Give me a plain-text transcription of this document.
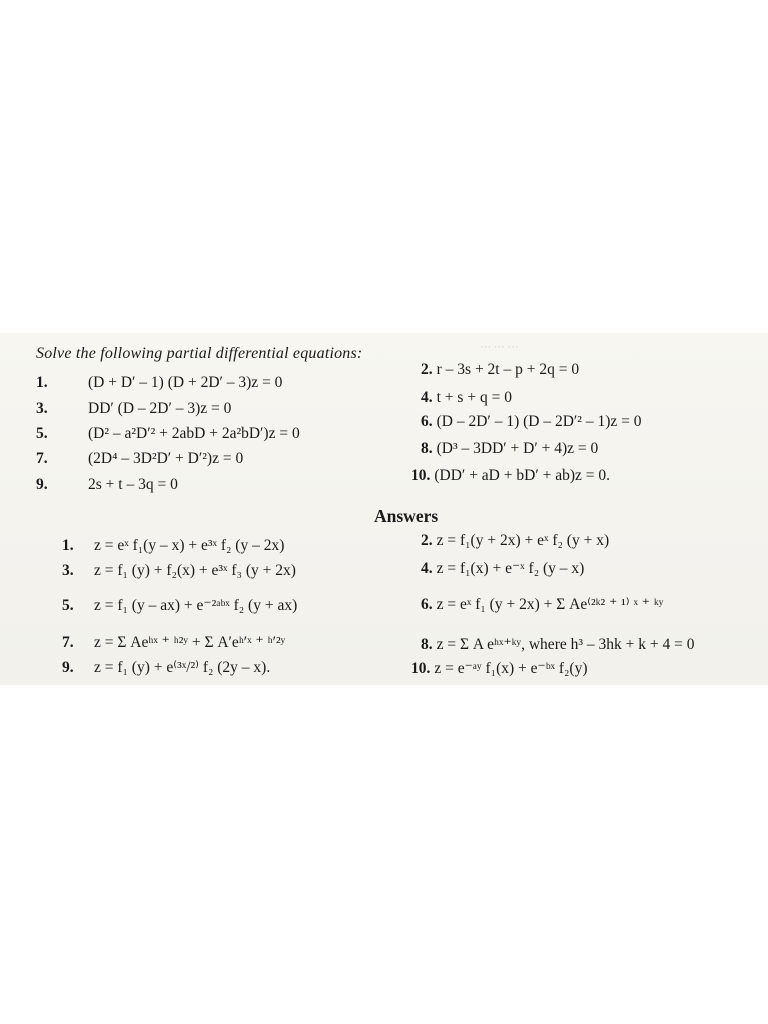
⋯ ⋯ ⋯
Solve the following partial differential equations:
1.	(D + D′ – 1) (D + 2D′ – 3)z = 0
3.	DD′ (D – 2D′ – 3)z = 0
5.	(D² – a²D′² + 2abD + 2a²bD′)z = 0
7.	(2D⁴ – 3D²D′ + D′²)z = 0
9.	2s + t – 3q = 0
2. r – 3s + 2t – p + 2q = 0
4. t + s + q = 0
6. (D – 2D′ – 1) (D – 2D′² – 1)z = 0
8. (D³ – 3DD′ + D′ + 4)z = 0
10. (DD′ + aD + bD′ + ab)z = 0.
Answers
1. z = eˣ f₁(y – x) + e³ˣ f₂ (y – 2x)
3. z = f₁ (y) + f₂(x) + e³ˣ f₃ (y + 2x)
5. z = f₁ (y – ax) + e⁻²ᵃᵇˣ f₂ (y + ax)
7. z = Σ Aeʰˣ ⁺ ʰ²ʸ + Σ A′eʰ′ˣ ⁺ ʰ′²ʸ
9. z = f₁ (y) + e⁽³ˣ/²⁾ f₂ (2y – x).
2. z = f₁(y + 2x) + eˣ f₂ (y + x)
4. z = f₁(x) + e⁻ˣ f₂ (y – x)
6. z = eˣ f₁ (y + 2x) + Σ Ae⁽²ᵏ² ⁺ ¹⁾ ˣ ⁺ ᵏʸ
8. z = Σ A eʰˣ⁺ᵏʸ, where h³ – 3hk + k + 4 = 0
10. z = e⁻ᵃʸ f₁(x) + e⁻ᵇˣ f₂(y)
